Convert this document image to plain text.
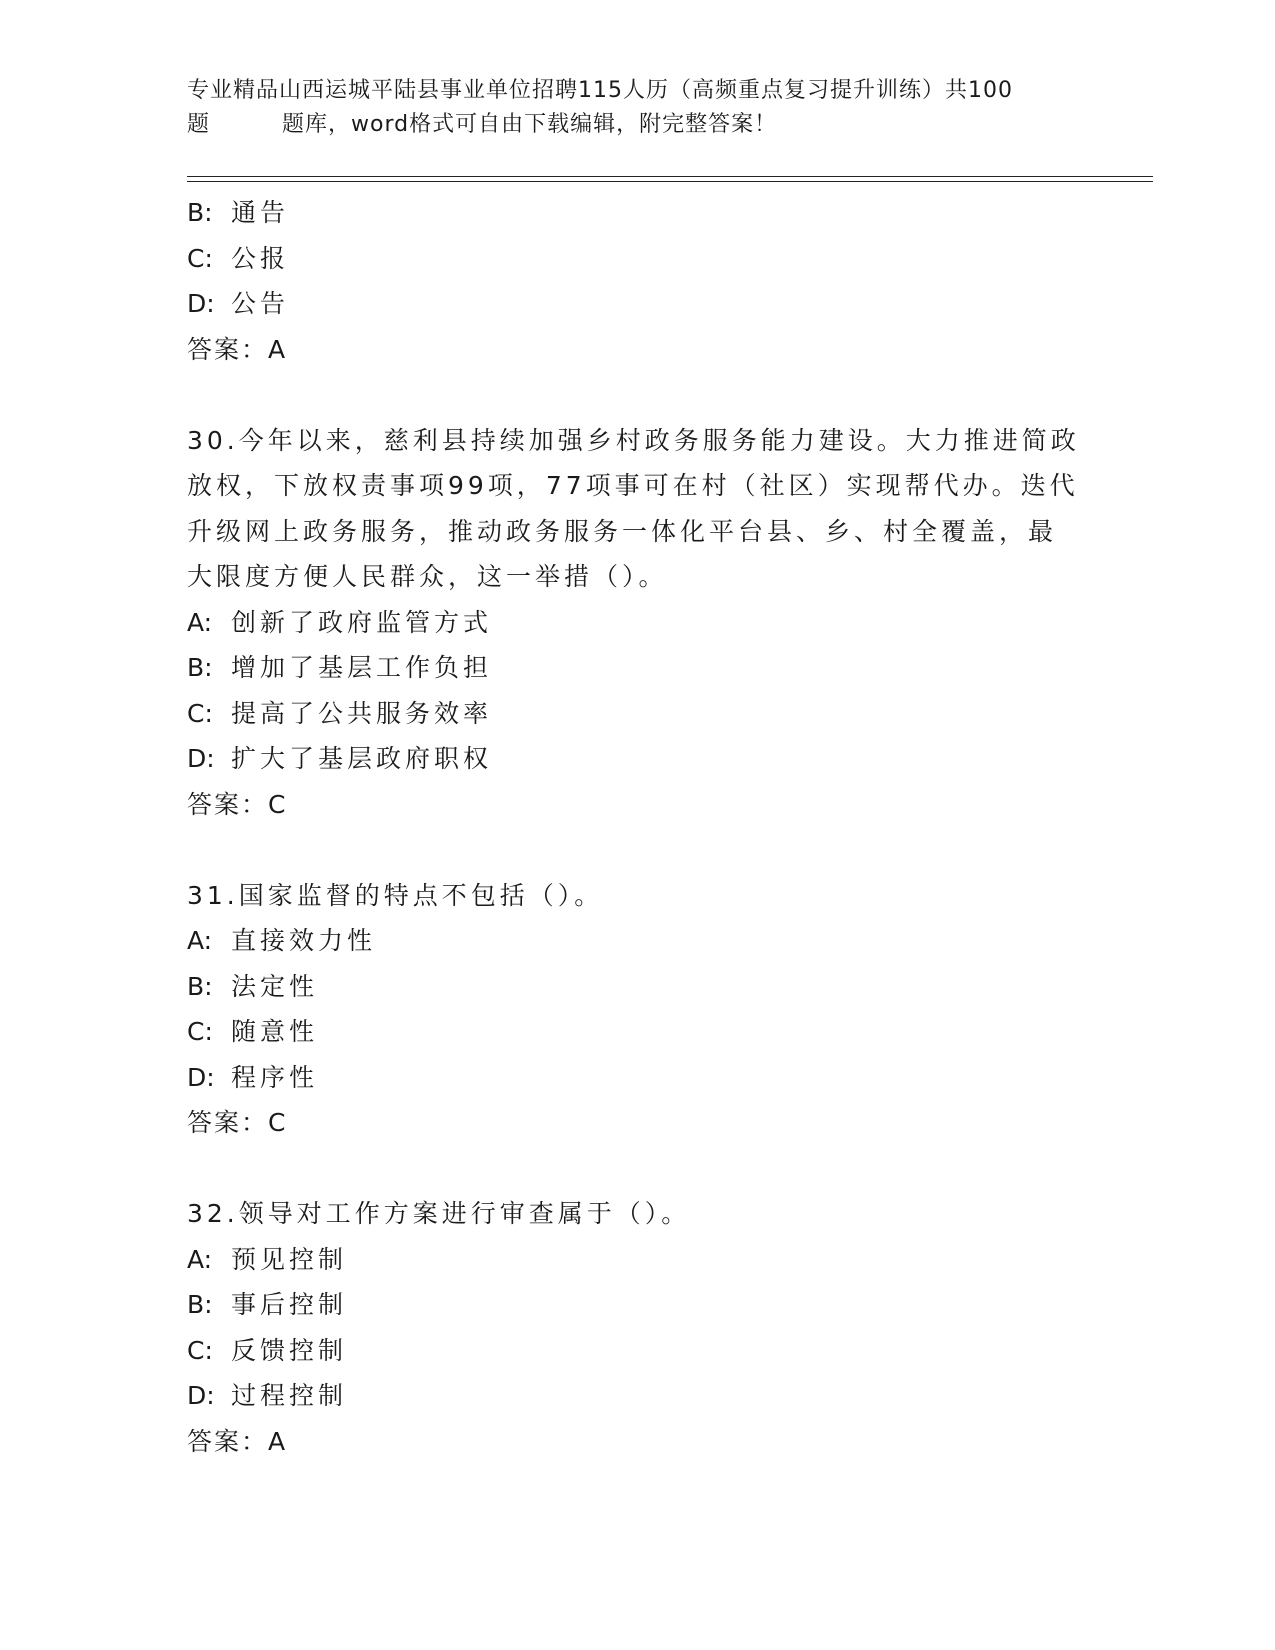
专业精品山西运城平陆县事业单位招聘115人历（高频重点复习提升训练）共100
题	题库，word格式可自由下载编辑，附完整答案！
B: 通告
C: 公报
D: 公告
答案：A
30.今年以来，慈利县持续加强乡村政务服务能力建设。大力推进简政
放权，下放权责事项99项，77项事可在村（社区）实现帮代办。迭代
升级网上政务服务，推动政务服务一体化平台县、乡、村全覆盖，最
大限度方便人民群众，这一举措（）。
A: 创新了政府监管方式
B: 增加了基层工作负担
C: 提高了公共服务效率
D: 扩大了基层政府职权
答案：C
31.国家监督的特点不包括（）。
A: 直接效力性
B: 法定性
C: 随意性
D: 程序性
答案：C
32.领导对工作方案进行审查属于（）。
A: 预见控制
B: 事后控制
C: 反馈控制
D: 过程控制
答案：A
